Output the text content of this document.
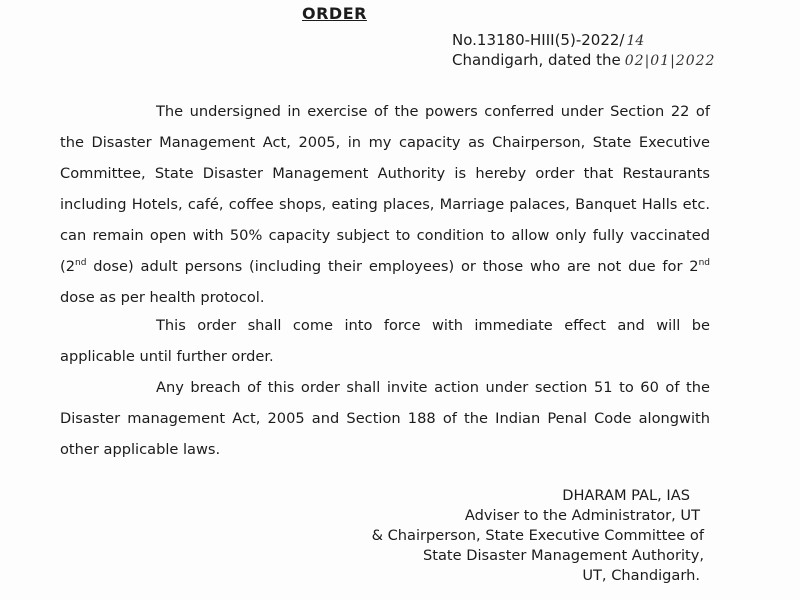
ORDER
No.13180-HIII(5)-2022/ 14
Chandigarh, dated the 02|01|2022
The undersigned in exercise of the powers conferred under Section 22 of the Disaster Management Act, 2005, in my capacity as Chairperson, State Executive Committee, State Disaster Management Authority is hereby order that Restaurants including Hotels, café, coffee shops, eating places, Marriage palaces, Banquet Halls etc. can remain open with 50% capacity subject to condition to allow only fully vaccinated (2nd dose) adult persons (including their employees) or those who are not due for 2nd dose as per health protocol.
This order shall come into force with immediate effect and will be applicable until further order.
Any breach of this order shall invite action under section 51 to 60 of the Disaster management Act, 2005 and Section 188 of the Indian Penal Code alongwith other applicable laws.
DHARAM PAL, IAS
Adviser to the Administrator, UT
& Chairperson, State Executive Committee of
State Disaster Management Authority,
UT, Chandigarh.
